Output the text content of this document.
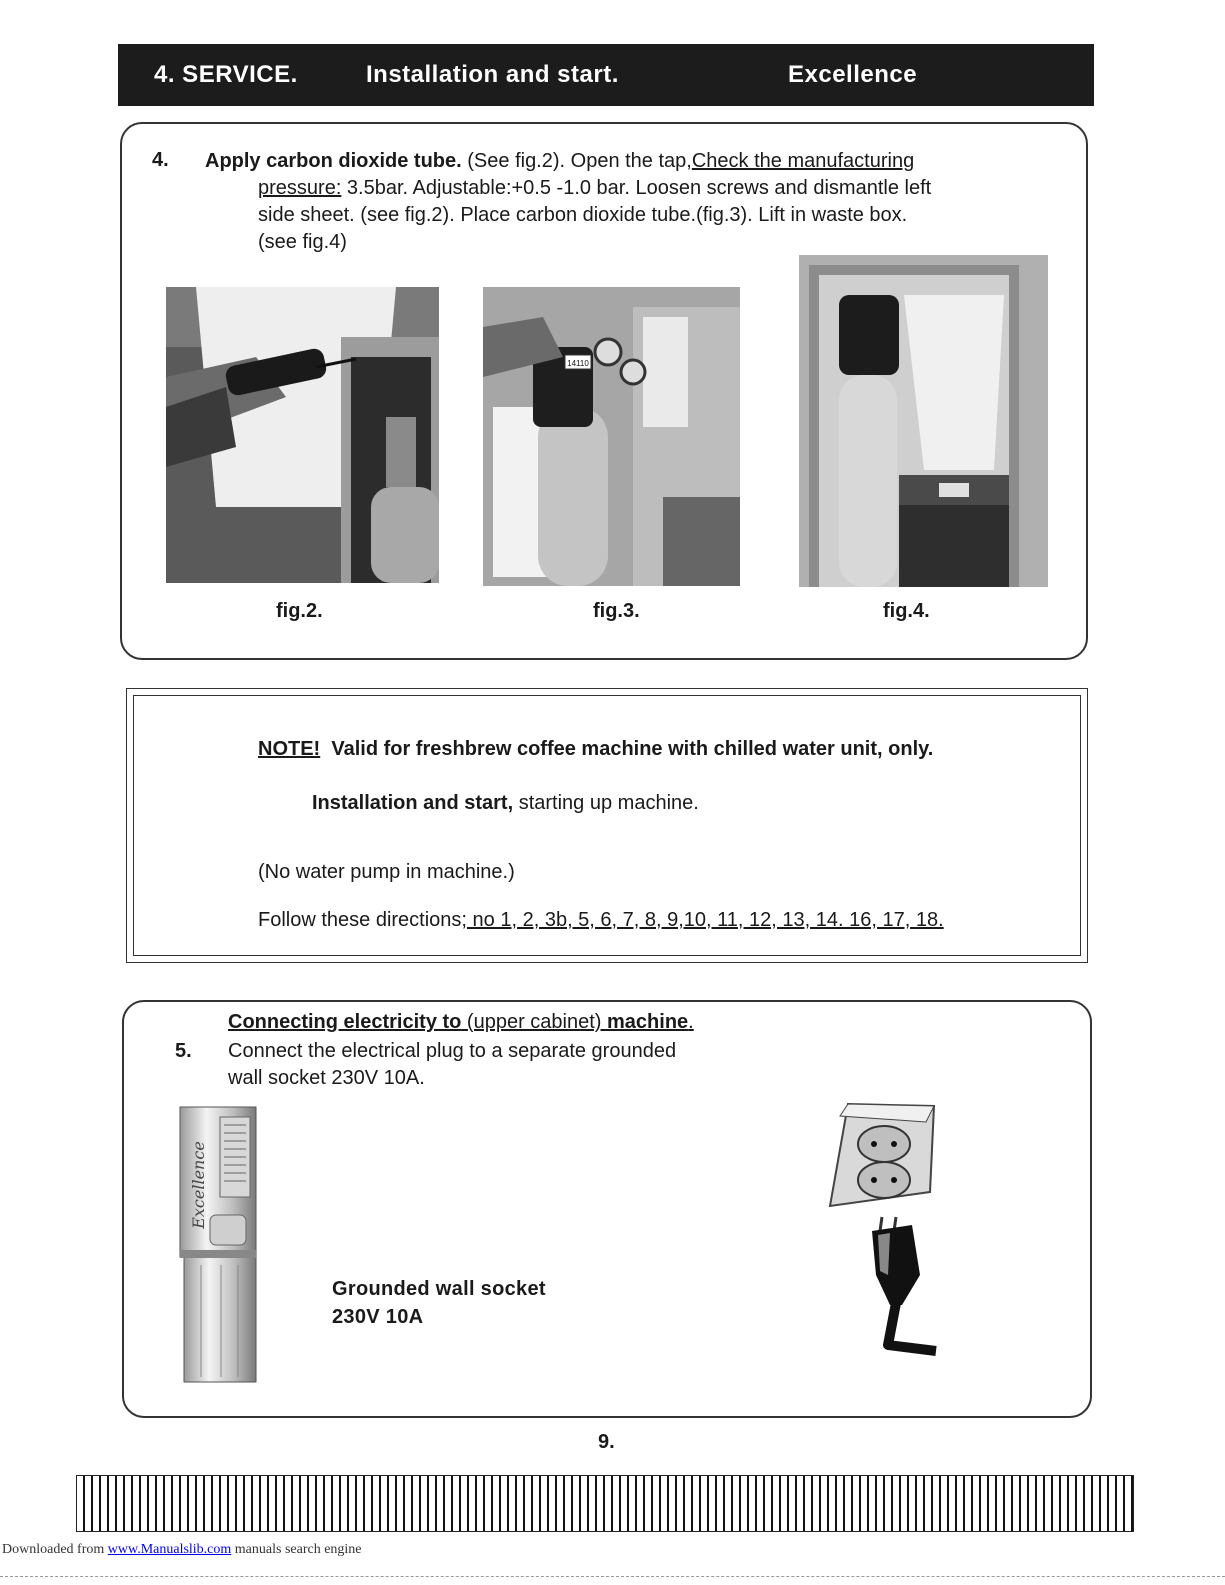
4. SERVICE.	Installation and start.	Excellence
4. Apply carbon dioxide tube. (See fig.2). Open the tap,Check the manufacturing
pressure: 3.5bar. Adjustable:+0.5 -1.0 bar. Loosen screws and dismantle left
side sheet. (see fig.2). Place carbon dioxide tube.(fig.3). Lift in waste box.
(see fig.4)
14110
fig.2.	fig.3.	fig.4.
NOTE! Valid for freshbrew coffee machine with chilled water unit, only.
Installation and start, starting up machine.
(No water pump in machine.)
Follow these directions; no 1, 2, 3b, 5, 6, 7, 8, 9,10, 11, 12, 13, 14. 16, 17, 18.
Connecting electricity to (upper cabinet) machine.
5. Connect the electrical plug to a separate grounded
wall socket 230V 10A.
Excellence
Grounded wall socket
230V 10A
9.
Downloaded from www.Manualslib.com manuals search engine
